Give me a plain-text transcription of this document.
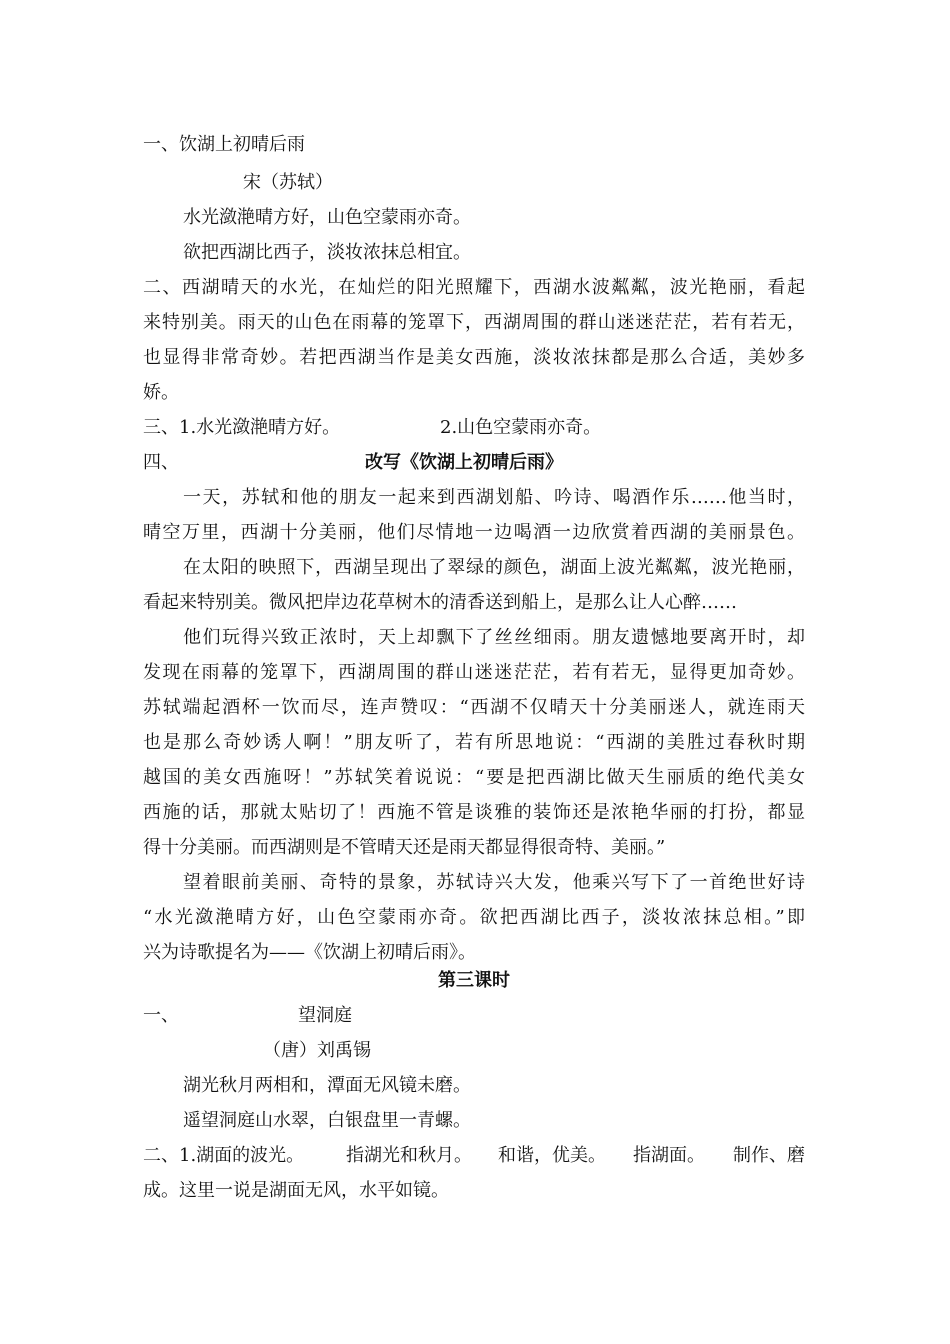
一、饮湖上初晴后雨
宋（苏轼）
水光潋滟晴方好，山色空蒙雨亦奇。
欲把西湖比西子，淡妆浓抹总相宜。
二、西湖晴天的水光，在灿烂的阳光照耀下，西湖水波粼粼，波光艳丽，看起
来特别美。雨天的山色在雨幕的笼罩下，西湖周围的群山迷迷茫茫，若有若无，
也显得非常奇妙。若把西湖当作是美女西施，淡妆浓抹都是那么合适，美妙多
娇。
三、1.水光潋滟晴方好。	2.山色空蒙雨亦奇。
四、	改写《饮湖上初晴后雨》
一天，苏轼和他的朋友一起来到西湖划船、吟诗、喝酒作乐……他当时，
晴空万里，西湖十分美丽，他们尽情地一边喝酒一边欣赏着西湖的美丽景色。
在太阳的映照下，西湖呈现出了翠绿的颜色，湖面上波光粼粼，波光艳丽，
看起来特别美。微风把岸边花草树木的清香送到船上，是那么让人心醉……
他们玩得兴致正浓时，天上却飘下了丝丝细雨。朋友遗憾地要离开时，却
发现在雨幕的笼罩下，西湖周围的群山迷迷茫茫，若有若无，显得更加奇妙。
苏轼端起酒杯一饮而尽，连声赞叹：“西湖不仅晴天十分美丽迷人，就连雨天
也是那么奇妙诱人啊！”朋友听了，若有所思地说：“西湖的美胜过春秋时期
越国的美女西施呀！”苏轼笑着说说：“要是把西湖比做天生丽质的绝代美女
西施的话，那就太贴切了！西施不管是谈雅的装饰还是浓艳华丽的打扮，都显
得十分美丽。而西湖则是不管晴天还是雨天都显得很奇特、美丽。”
望着眼前美丽、奇特的景象，苏轼诗兴大发，他乘兴写下了一首绝世好诗
“水光潋滟晴方好，山色空蒙雨亦奇。欲把西湖比西子，淡妆浓抹总相。”即
兴为诗歌提名为——《饮湖上初晴后雨》。
第三课时
一、	望洞庭
（唐）刘禹锡
湖光秋月两相和，潭面无风镜未磨。
遥望洞庭山水翠，白银盘里一青螺。
二、1.湖面的波光。 指湖光和秋月。 和谐，优美。 指湖面。 制作、磨
成。这里一说是湖面无风，水平如镜。
